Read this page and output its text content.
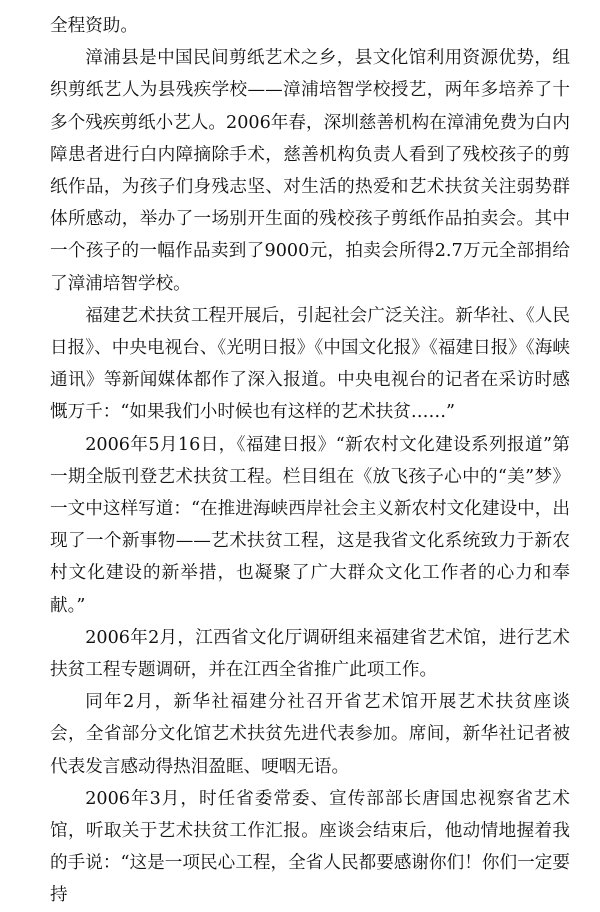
全程资助。

漳浦县是中国民间剪纸艺术之乡，县文化馆利用资源优势，组织剪纸艺人为县残疾学校——漳浦培智学校授艺，两年多培养了十多个残疾剪纸小艺人。2006年春，深圳慈善机构在漳浦免费为白内障患者进行白内障摘除手术，慈善机构负责人看到了残校孩子的剪纸作品，为孩子们身残志坚、对生活的热爱和艺术扶贫关注弱势群体所感动，举办了一场别开生面的残校孩子剪纸作品拍卖会。其中一个孩子的一幅作品卖到了9000元，拍卖会所得2.7万元全部捐给了漳浦培智学校。

福建艺术扶贫工程开展后，引起社会广泛关注。新华社、《人民日报》、中央电视台、《光明日报》《中国文化报》《福建日报》《海峡通讯》等新闻媒体都作了深入报道。中央电视台的记者在采访时感慨万千：“如果我们小时候也有这样的艺术扶贫……”

2006年5月16日，《福建日报》“新农村文化建设系列报道”第一期全版刊登艺术扶贫工程。栏目组在《放飞孩子心中的“美”梦》一文中这样写道：“在推进海峡西岸社会主义新农村文化建设中，出现了一个新事物——艺术扶贫工程，这是我省文化系统致力于新农村文化建设的新举措，也凝聚了广大群众文化工作者的心力和奉献。”

2006年2月，江西省文化厅调研组来福建省艺术馆，进行艺术扶贫工程专题调研，并在江西全省推广此项工作。

同年2月，新华社福建分社召开省艺术馆开展艺术扶贫座谈会，全省部分文化馆艺术扶贫先进代表参加。席间，新华社记者被代表发言感动得热泪盈眶、哽咽无语。

2006年3月，时任省委常委、宣传部部长唐国忠视察省艺术馆，听取关于艺术扶贫工作汇报。座谈会结束后，他动情地握着我的手说：“这是一项民心工程，全省人民都要感谢你们！你们一定要持
